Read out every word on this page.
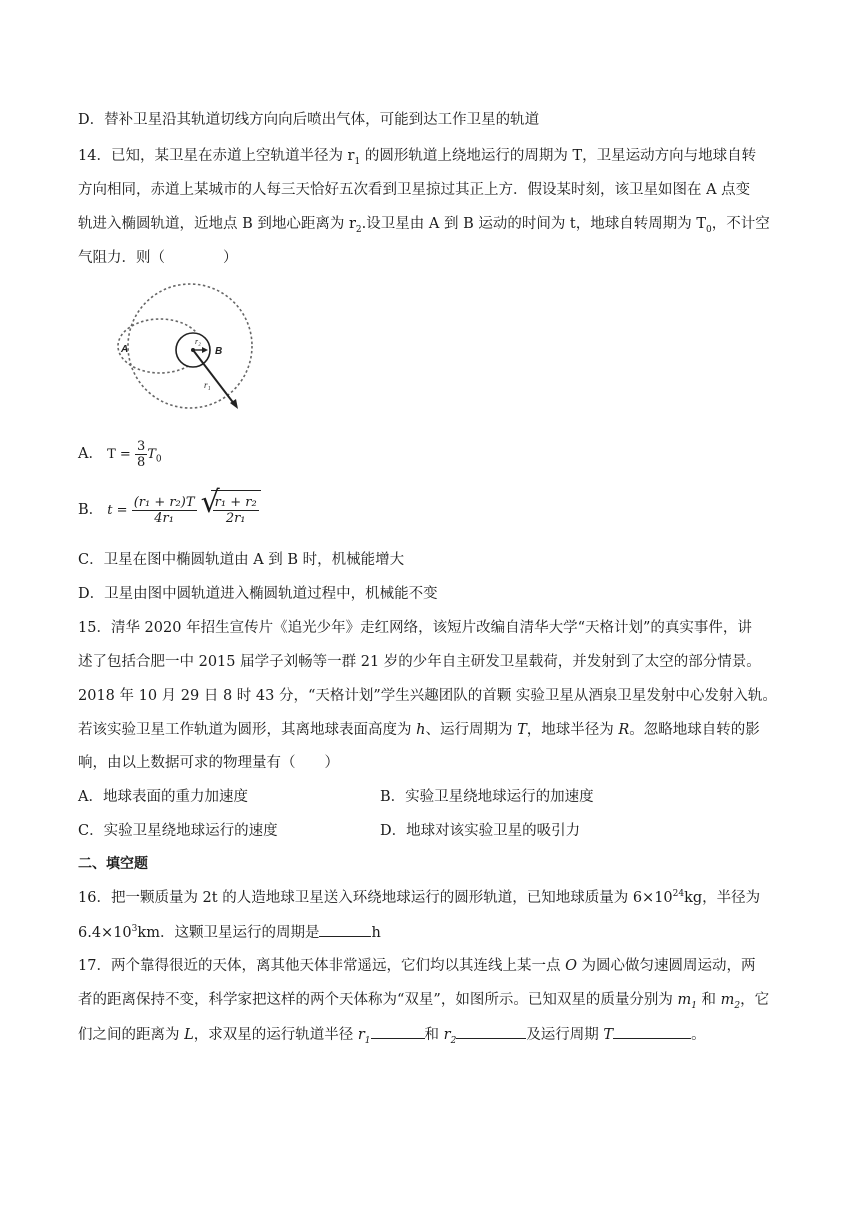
D．替补卫星沿其轨道切线方向向后喷出气体，可能到达工作卫星的轨道
14．已知，某卫星在赤道上空轨道半径为 $r_1$ 的圆形轨道上绕地运行的周期为 T，卫星运动方向与地球自转
方向相同，赤道上某城市的人每三天恰好五次看到卫星掠过其正上方．假设某时刻，该卫星如图在 A 点变
轨进入椭圆轨道，近地点 B 到地心距离为 $r_2$.设卫星由 A 到 B 运动的时间为 t，地球自转周期为 $T_0$，不计空
气阻力．则（　　　　）
A	B
r₂
r₁
A． $T = \frac{3}{8} T_0$
B． $t = \frac{\text{(r₁ + r₂)T}}{\text{4r₁}}$
√
$\frac{\text{r₁ + r₂}}{\text{2r₁}}$
C．卫星在图中椭圆轨道由 A 到 B 时，机械能增大
D．卫星由图中圆轨道进入椭圆轨道过程中，机械能不变
15．清华 2020 年招生宣传片《追光少年》走红网络，该短片改编自清华大学“天格计划”的真实事件，讲
述了包括合肥一中 2015 届学子刘畅等一群 21 岁的少年自主研发卫星载荷，并发射到了太空的部分情景。
2018 年 10 月 29 日 8 时 43 分，“天格计划”学生兴趣团队的首颗 实验卫星从酒泉卫星发射中心发射入轨。
若该实验卫星工作轨道为圆形，其离地球表面高度为 h、运行周期为 T，地球半径为 R。忽略地球自转的影
响，由以上数据可求的物理量有（　　）
A．地球表面的重力加速度	B．实验卫星绕地球运行的加速度
C．实验卫星绕地球运行的速度	D．地球对该实验卫星的吸引力
二、填空题
16．把一颗质量为 2t 的人造地球卫星送入环绕地球运行的圆形轨道，已知地球质量为 $6\times 10^{24}kg$，半径为
$6.4\times 10^3km$．这颗卫星运行的周期是	h
17．两个靠得很近的天体，离其他天体非常遥远，它们均以其连线上某一点 O 为圆心做匀速圆周运动，两
者的距离保持不变，科学家把这样的两个天体称为“双星”，如图所示。已知双星的质量分别为 $m_1$ 和 $m_2$，它
们之间的距离为 L，求双星的运行轨道半径 $r_1$	和 $r_2$	及运行周期 T	。
